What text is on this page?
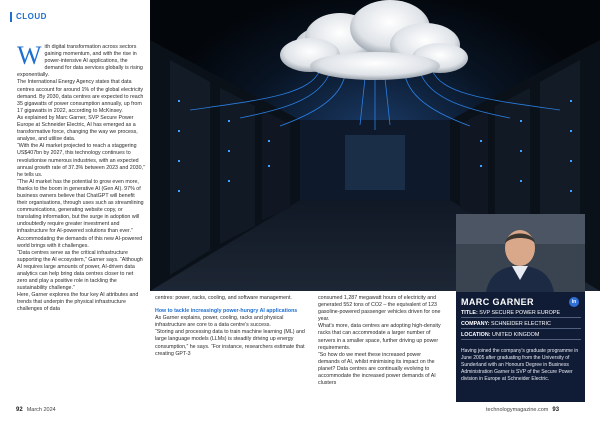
CLOUD

With digital transformation across sectors gaining momentum, and with the rise in power-intensive AI applications, the demand for data services globally is rising exponentially.

The International Energy Agency states that data centres account for around 1% of the global electricity demand. By 2030, data centres are expected to reach 35 gigawatts of power consumption annually, up from 17 gigawatts in 2022, according to McKinsey.

As explained by Marc Garner, SVP Secure Power Europe at Schneider Electric, AI has emerged as a transformative force, changing the way we process, analyse, and utilise data.

“With the AI market projected to reach a staggering US$407bn by 2027, this technology continues to revolutionise numerous industries, with an expected annual growth rate of 37.3% between 2023 and 2030,” he tells us.

“The AI market has the potential to grow even more, thanks to the boom in generative AI (Gen AI). 97% of business owners believe that ChatGPT will benefit their organisations, through uses such as streamlining communications, generating website copy, or translating information, but the surge in adoption will undoubtedly require greater investment and infrastructure for AI-powered solutions than ever.”

Accommodating the demands of this new AI-powered world brings with it challenges.

“Data centres serve as the critical infrastructure supporting the AI ecosystem,” Garner says. “Although AI requires large amounts of power, AI-driven data analytics can help bring data centres closer to net zero and play a positive role in tackling the sustainability challenge.”

Here, Garner explores the four key AI attributes and trends that underpin the physical infrastructure challenges of data

centres: power, racks, cooling, and software management.

How to tackle increasingly power-hungry AI applications

As Garner explains, power, cooling, racks and physical infrastructure are core to a data centre’s success.

“Storing and processing data to train machine learning (ML) and large language models (LLMs) is steadily driving up energy consumption,” he says. “For instance, researchers estimate that creating GPT-3

consumed 1,287 megawatt hours of electricity and generated 552 tons of CO2 – the equivalent of 123 gasoline-powered passenger vehicles driven for one year.

What’s more, data centres are adopting high-density racks that can accommodate a larger number of servers in a smaller space, further driving up power requirements.

“So how do we meet these increased power demands of AI, whilst minimising its impact on the planet? Data centres are continually evolving to accommodate the increased power demands of AI clusters

MARC GARNER	in
TITLE: SVP SECURE POWER EUROPE
COMPANY: SCHNEIDER ELECTRIC
LOCATION: UNITED KINGDOM
Having joined the company’s graduate programme in June 2005 after graduating from the University of Sunderland with an Honours Degree in Business Administration Garner is SVP of the Secure Power division in Europe at Schneider Electric.
92 March 2024	technologymagazine.com 93
